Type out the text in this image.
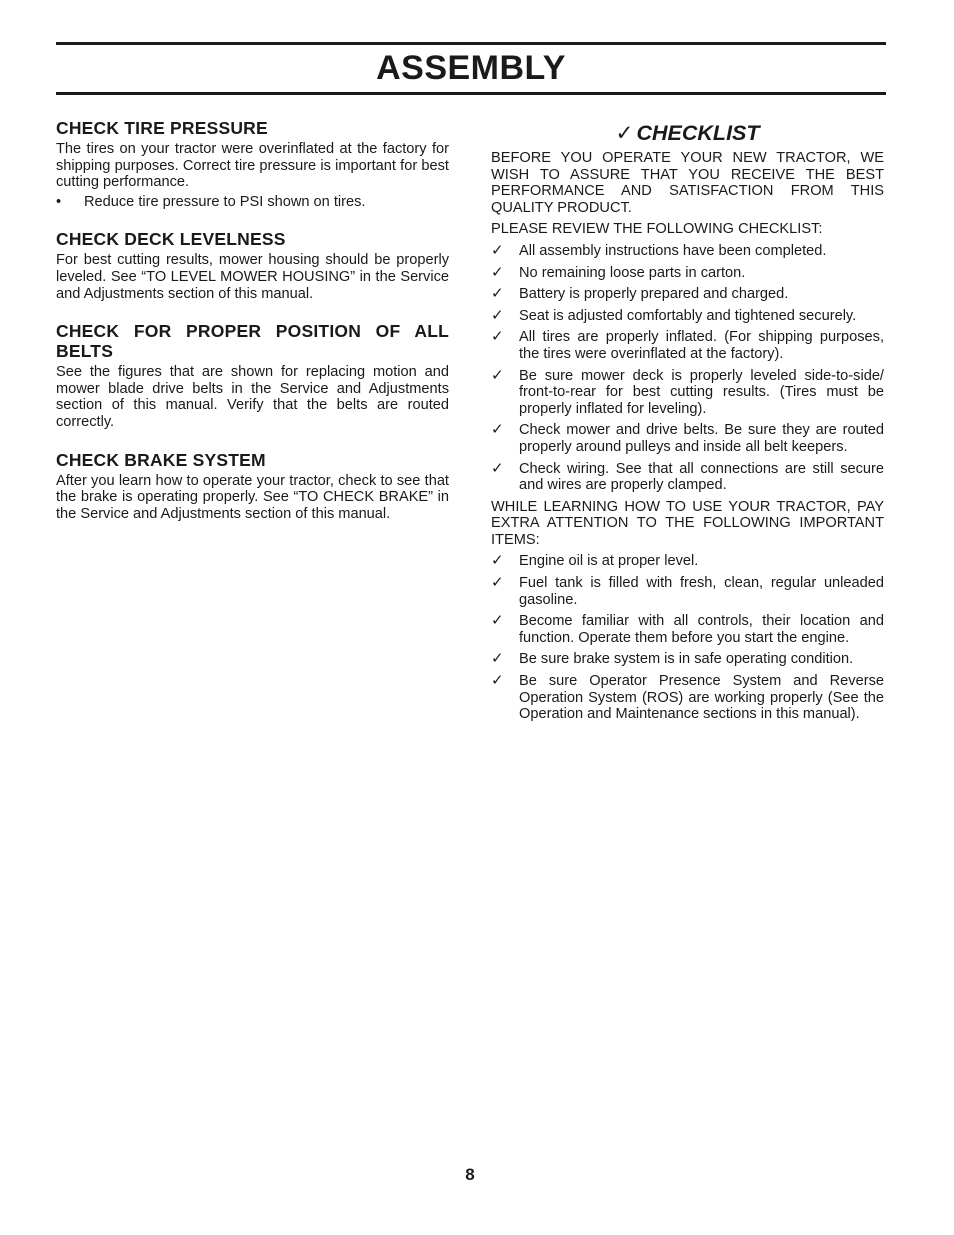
ASSEMBLY
CHECK TIRE PRESSURE

The tires on your tractor were overinflated at the factory for shipping purposes. Correct tire pressure is important for best cutting performance.

•	Reduce tire pressure to PSI shown on tires.
CHECK DECK LEVELNESS

For best cutting results, mower housing should be properly leveled. See “TO LEVEL MOWER HOUSING” in the Service and Adjustments section of this manual.

CHECK FOR PROPER POSITION OF ALL BELTS

See the figures that are shown for replacing motion and mower blade drive belts in the Service and Adjustments section of this manual. Verify that the belts are routed correctly.

CHECK BRAKE SYSTEM

After you learn how to operate your tractor, check to see that the brake is operating properly. See “TO CHECK BRAKE” in the Service and Adjustments section of this manual.

✓ CHECKLIST

BEFORE YOU OPERATE YOUR NEW TRACTOR, WE WISH TO ASSURE THAT YOU RECEIVE THE BEST PERFORMANCE AND SATISFACTION FROM THIS QUALITY PRODUCT.

PLEASE REVIEW THE FOLLOWING CHECKLIST:

✓	All assembly instructions have been completed.
✓	No remaining loose parts in carton.
✓	Battery is properly prepared and charged.
✓	Seat is adjusted comfortably and tightened securely.
✓	All tires are properly inflated. (For shipping purposes, the tires were overinflated at the factory).
✓	Be sure mower deck is properly leveled side-to-side/ front-to-rear for best cutting results. (Tires must be properly inflated for leveling).
✓	Check mower and drive belts. Be sure they are routed properly around pulleys and inside all belt keepers.
✓	Check wiring. See that all connections are still secure and wires are properly clamped.

WHILE LEARNING HOW TO USE YOUR TRACTOR, PAY EXTRA ATTENTION TO THE FOLLOWING IMPORTANT ITEMS:

✓	Engine oil is at proper level.
✓	Fuel tank is filled with fresh, clean, regular unleaded gasoline.
✓	Become familiar with all controls, their location and function. Operate them before you start the engine.
✓	Be sure brake system is in safe operating condition.
✓	Be sure Operator Presence System and Reverse Operation System (ROS) are working properly (See the Operation and Maintenance sections in this manual).
8
